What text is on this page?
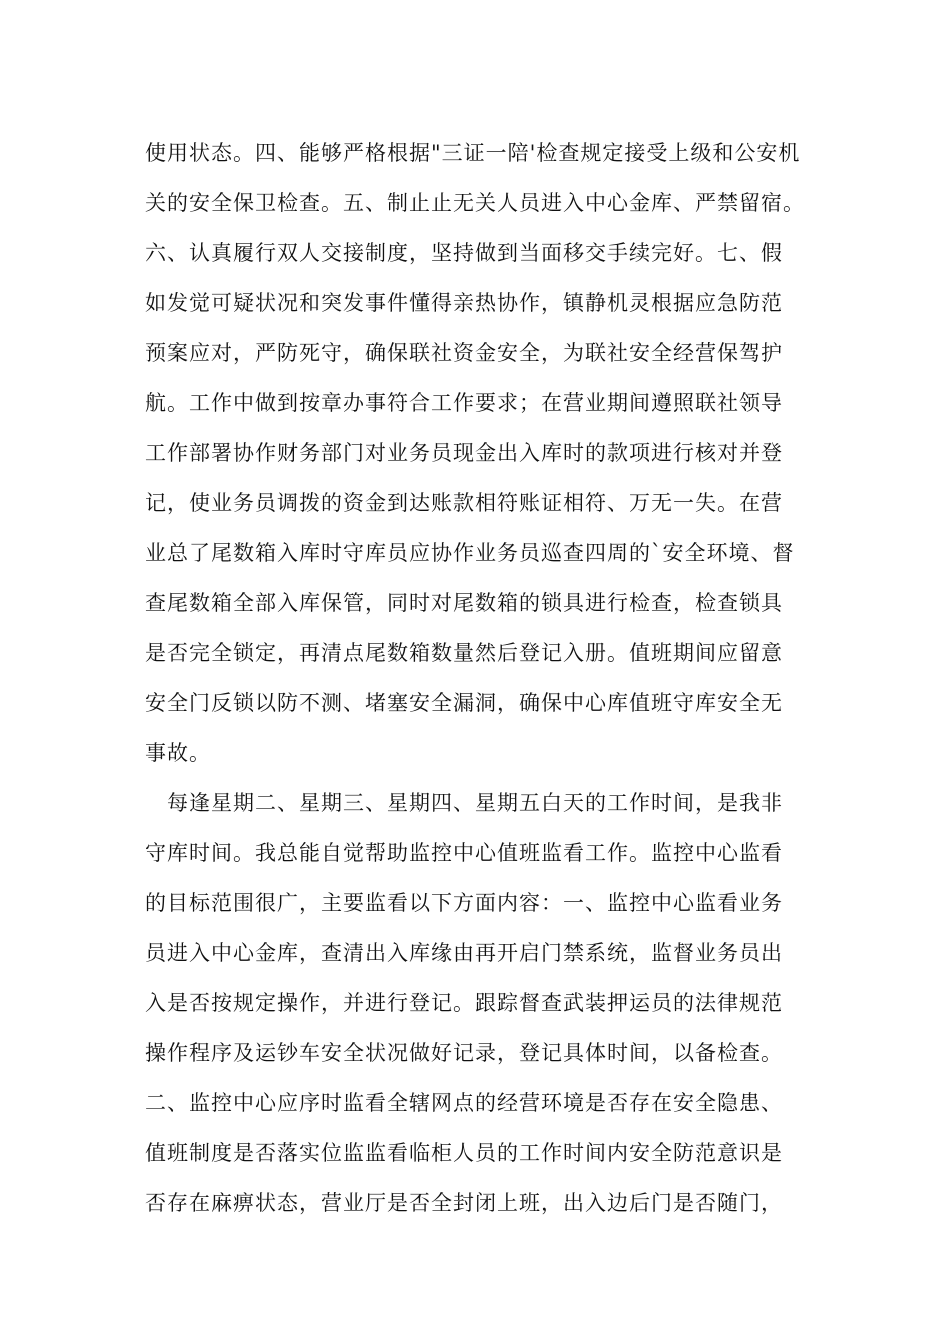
使用状态。四、能够严格根据"三证一陪'检查规定接受上级和公安机
关的安全保卫检查。五、制止止无关人员进入中心金库、严禁留宿。
六、认真履行双人交接制度，坚持做到当面移交手续完好。七、假
如发觉可疑状况和突发事件懂得亲热协作，镇静机灵根据应急防范
预案应对，严防死守，确保联社资金安全，为联社安全经营保驾护
航。工作中做到按章办事符合工作要求；在营业期间遵照联社领导
工作部署协作财务部门对业务员现金出入库时的款项进行核对并登
记，使业务员调拨的资金到达账款相符账证相符、万无一失。在营
业总了尾数箱入库时守库员应协作业务员巡查四周的`安全环境、督
查尾数箱全部入库保管，同时对尾数箱的锁具进行检查，检查锁具
是否完全锁定，再清点尾数箱数量然后登记入册。值班期间应留意
安全门反锁以防不测、堵塞安全漏洞，确保中心库值班守库安全无
事故。
　每逢星期二、星期三、星期四、星期五白天的工作时间，是我非
守库时间。我总能自觉帮助监控中心值班监看工作。监控中心监看
的目标范围很广，主要监看以下方面内容：一、监控中心监看业务
员进入中心金库，查清出入库缘由再开启门禁系统，监督业务员出
入是否按规定操作，并进行登记。跟踪督查武装押运员的法律规范
操作程序及运钞车安全状况做好记录，登记具体时间，以备检查。
二、监控中心应序时监看全辖网点的经营环境是否存在安全隐患、
值班制度是否落实位监监看临柜人员的工作时间内安全防范意识是
否存在麻痹状态，营业厅是否全封闭上班，出入边后门是否随门，
